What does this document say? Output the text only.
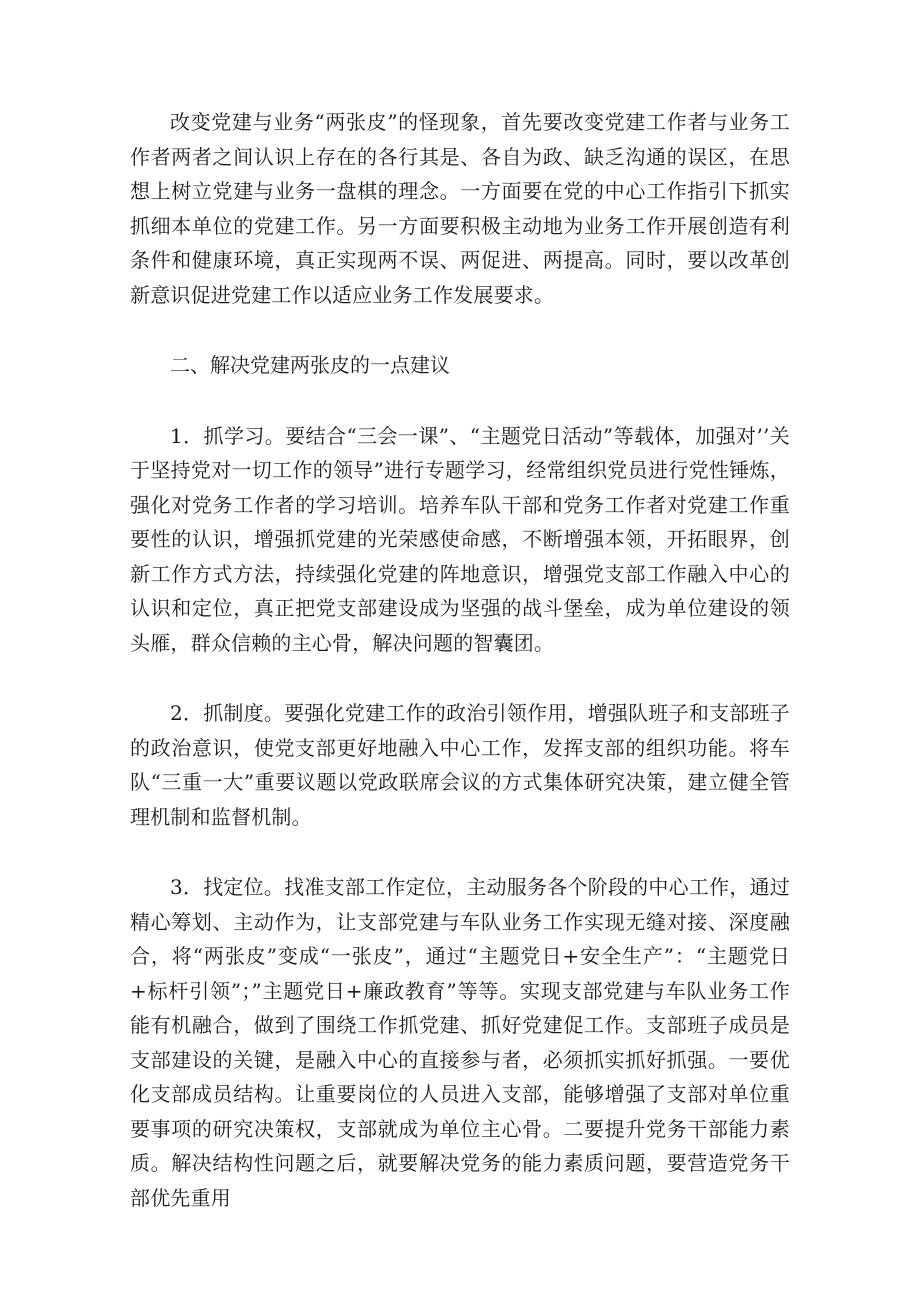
改变党建与业务“两张皮”的怪现象，首先要改变党建工作者与业务工作者两者之间认识上存在的各行其是、各自为政、缺乏沟通的误区，在思想上树立党建与业务一盘棋的理念。一方面要在党的中心工作指引下抓实抓细本单位的党建工作。另一方面要积极主动地为业务工作开展创造有利条件和健康环境，真正实现两不误、两促进、两提高。同时，要以改革创新意识促进党建工作以适应业务工作发展要求。

二、解决党建两张皮的一点建议

1．抓学习。要结合“三会一课”、“主题党日活动”等载体，加强对’’关于坚持党对一切工作的领导”进行专题学习，经常组织党员进行党性锤炼，强化对党务工作者的学习培训。培养车队干部和党务工作者对党建工作重要性的认识，增强抓党建的光荣感使命感，不断增强本领，开拓眼界，创新工作方式方法，持续强化党建的阵地意识，增强党支部工作融入中心的认识和定位，真正把党支部建设成为坚强的战斗堡垒，成为单位建设的领头雁，群众信赖的主心骨，解决问题的智囊团。

2．抓制度。要强化党建工作的政治引领作用，增强队班子和支部班子的政治意识，使党支部更好地融入中心工作，发挥支部的组织功能。将车队“三重一大”重要议题以党政联席会议的方式集体研究决策，建立健全管理机制和监督机制。

3．找定位。找准支部工作定位，主动服务各个阶段的中心工作，通过精心筹划、主动作为，让支部党建与车队业务工作实现无缝对接、深度融合，将“两张皮”变成“一张皮”，通过“主题党日+安全生产”：“主题党日+标杆引领”；”主题党日+廉政教育”等等。实现支部党建与车队业务工作能有机融合，做到了围绕工作抓党建、抓好党建促工作。支部班子成员是支部建设的关键，是融入中心的直接参与者，必须抓实抓好抓强。一要优化支部成员结构。让重要岗位的人员进入支部，能够增强了支部对单位重要事项的研究决策权，支部就成为单位主心骨。二要提升党务干部能力素质。解决结构性问题之后，就要解决党务的能力素质问题，要营造党务干部优先重用
